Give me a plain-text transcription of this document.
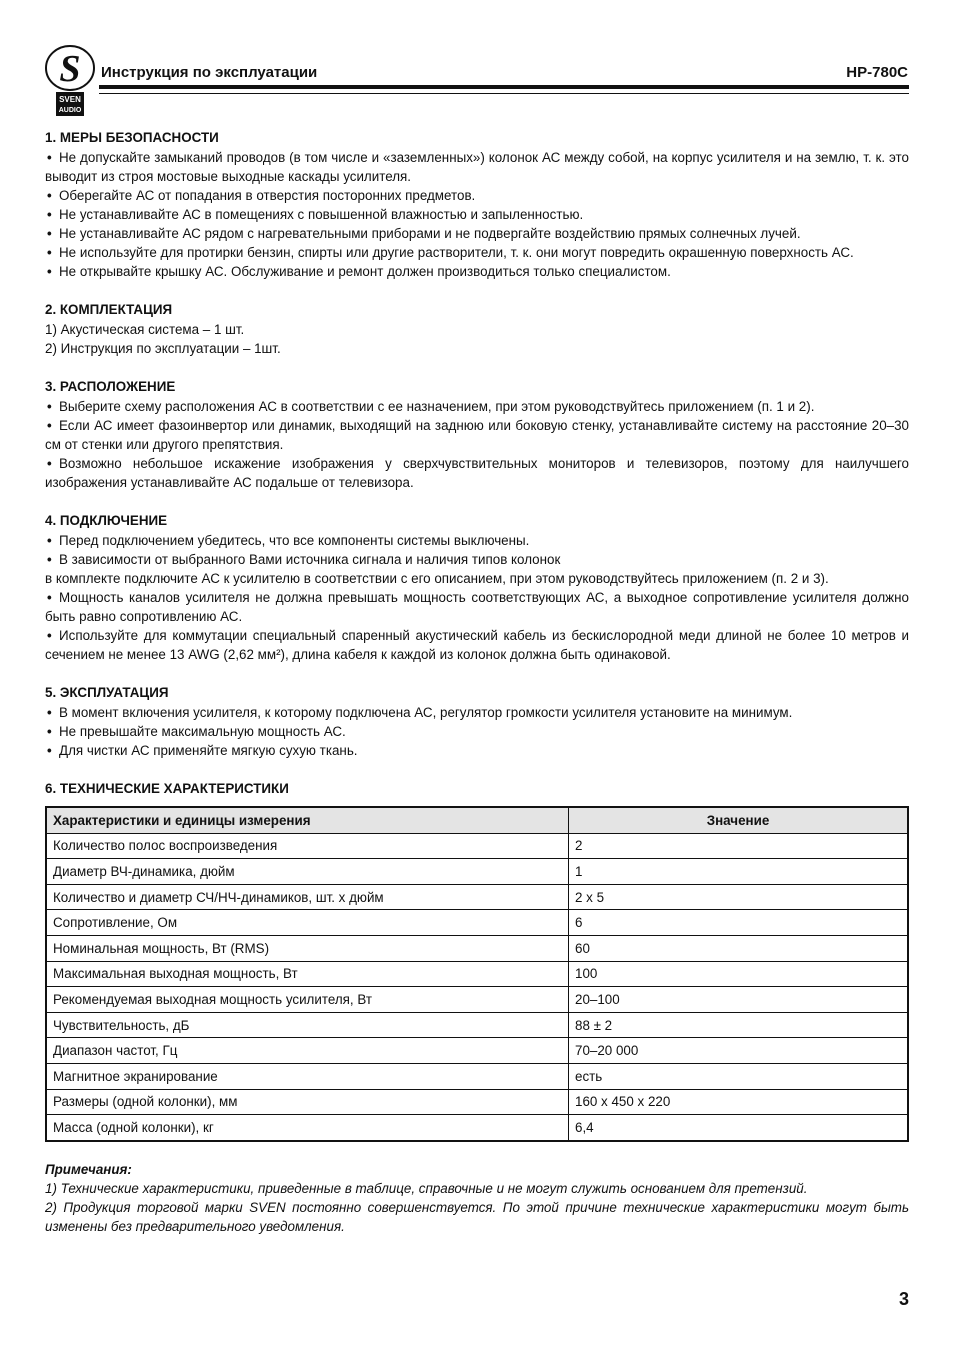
S
SVEN
AUDIO
Инструкция по эксплуатации	HP-780C
1. МЕРЫ БЕЗОПАСНОСТИ

• Не допускайте замыканий проводов (в том числе и «заземленных») колонок АС между собой, на корпус усилителя и на землю, т. к. это выводит из строя мостовые выходные каскады усилителя.

• Оберегайте АС от попадания в отверстия посторонних предметов.

• Не устанавливайте АС в помещениях с повышенной влажностью и запыленностью.

• Не устанавливайте АС рядом с нагревательными приборами и не подвергайте воздействию прямых солнечных лучей.

• Не используйте для протирки бензин, спирты или другие растворители, т. к. они могут повредить окрашенную поверхность АС.

• Не открывайте крышку АС. Обслуживание и ремонт должен производиться только специалистом.

2. КОМПЛЕКТАЦИЯ

1) Акустическая система – 1 шт.

2) Инструкция по эксплуатации – 1шт.

3. РАСПОЛОЖЕНИЕ

• Выберите схему расположения АС в соответствии с ее назначением, при этом руководствуйтесь приложением (п. 1 и 2).

• Если АС имеет фазоинвертор или динамик, выходящий на заднюю или боковую стенку, устанавливайте систему на расстояние 20–30 см от стенки или другого препятствия.

• Возможно небольшое искажение изображения у сверхчувствительных мониторов и телевизоров, поэтому для наилучшего изображения устанавливайте АС подальше от телевизора.

4. ПОДКЛЮЧЕНИЕ

• Перед подключением убедитесь, что все компоненты системы выключены.

• В зависимости от выбранного Вами источника сигнала и наличия типов колонок

в комплекте подключите АС к усилителю в соответствии с его описанием, при этом руководствуйтесь приложением (п. 2 и 3).

• Мощность каналов усилителя не должна превышать мощность соответствующих АС, а выходное сопротивление усилителя должно быть равно сопротивлению АС.

• Используйте для коммутации специальный спаренный акустический кабель из бескислородной меди длиной не более 10 метров и сечением не менее 13 AWG (2,62 мм²), длина кабеля к каждой из колонок должна быть одинаковой.

5. ЭКСПЛУАТАЦИЯ

• В момент включения усилителя, к которому подключена АС, регулятор громкости усилителя установите на минимум.

• Не превышайте максимальную мощность АС.

• Для чистки АС применяйте мягкую сухую ткань.

6. ТЕХНИЧЕСКИЕ ХАРАКТЕРИСТИКИ
Характеристики и единицы измерения	Значение
Количество полос воспроизведения	2
Диаметр ВЧ-динамика, дюйм	1
Количество и диаметр СЧ/НЧ-динамиков, шт. х дюйм	2 х 5
Сопротивление, Ом	6
Номинальная мощность, Вт (RMS)	60
Максимальная выходная мощность, Вт	100
Рекомендуемая выходная мощность усилителя, Вт	20–100
Чувствительность, дБ	88 ± 2
Диапазон частот, Гц	70–20 000
Магнитное экранирование	есть
Размеры (одной колонки), мм	160 x 450 x 220
Масса (одной колонки), кг	6,4

Примечания:

1) Технические характеристики, приведенные в таблице, справочные и не могут служить основанием для претензий.

2) Продукция торговой марки SVEN постоянно совершенствуется. По этой причине технические характеристики могут быть изменены без предварительного уведомления.

3
